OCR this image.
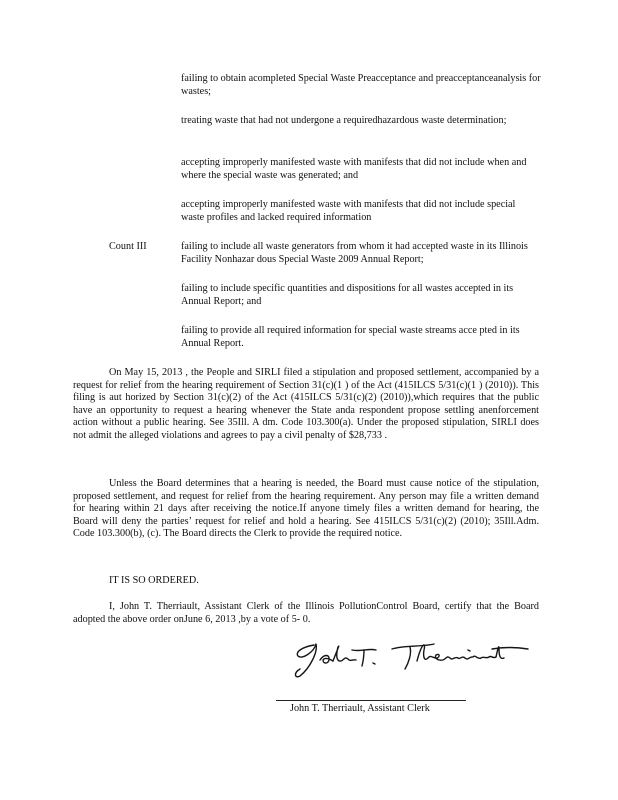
failing to obtain acompleted Special Waste Preacceptance and preacceptanceanalysis for wastes;
treating waste that had not undergone a requiredhazardous waste determination;
accepting improperly manifested waste with manifests that did not include when and where the special waste was generated; and
accepting improperly manifested waste with manifests that did not include special waste profiles and lacked required information
Count III	failing to include all waste generators from whom it had accepted waste in its Illinois Facility Nonhazar dous Special Waste 2009 Annual Report;
failing to include specific quantities and dispositions for all wastes accepted in its Annual Report; and
failing to provide all required information for special waste streams acce pted in its Annual Report.
On May 15, 2013 , the People and SIRLI filed a stipulation and proposed settlement, accompanied by a request for relief from the hearing requirement of Section 31(c)(1 ) of the Act (415ILCS 5/31(c)(1 ) (2010)). This filing is aut horized by Section 31(c)(2) of the Act (415ILCS 5/31(c)(2) (2010)),which requires that the public have an opportunity to request a hearing whenever the State anda respondent propose settling anenforcement action without a public hearing. See 35Ill. A dm. Code 103.300(a). Under the proposed stipulation, SIRLI does not admit the alleged violations and agrees to pay a civil penalty of $28,733 .
Unless the Board determines that a hearing is needed, the Board must cause notice of the stipulation, proposed settlement, and request for relief from the hearing requirement. Any person may file a written demand for hearing within 21 days after receiving the notice.If anyone timely files a written demand for hearing, the Board will deny the parties’ request for relief and hold a hearing. See 415ILCS 5/31(c)(2) (2010); 35Ill.Adm. Code 103.300(b), (c). The Board directs the Clerk to provide the required notice.
IT IS SO ORDERED.
I, John T. Therriault, Assistant Clerk of the Illinois PollutionControl Board, certify that the Board adopted the above order onJune 6, 2013 ,by a vote of 5- 0.
John T. Therriault, Assistant Clerk
